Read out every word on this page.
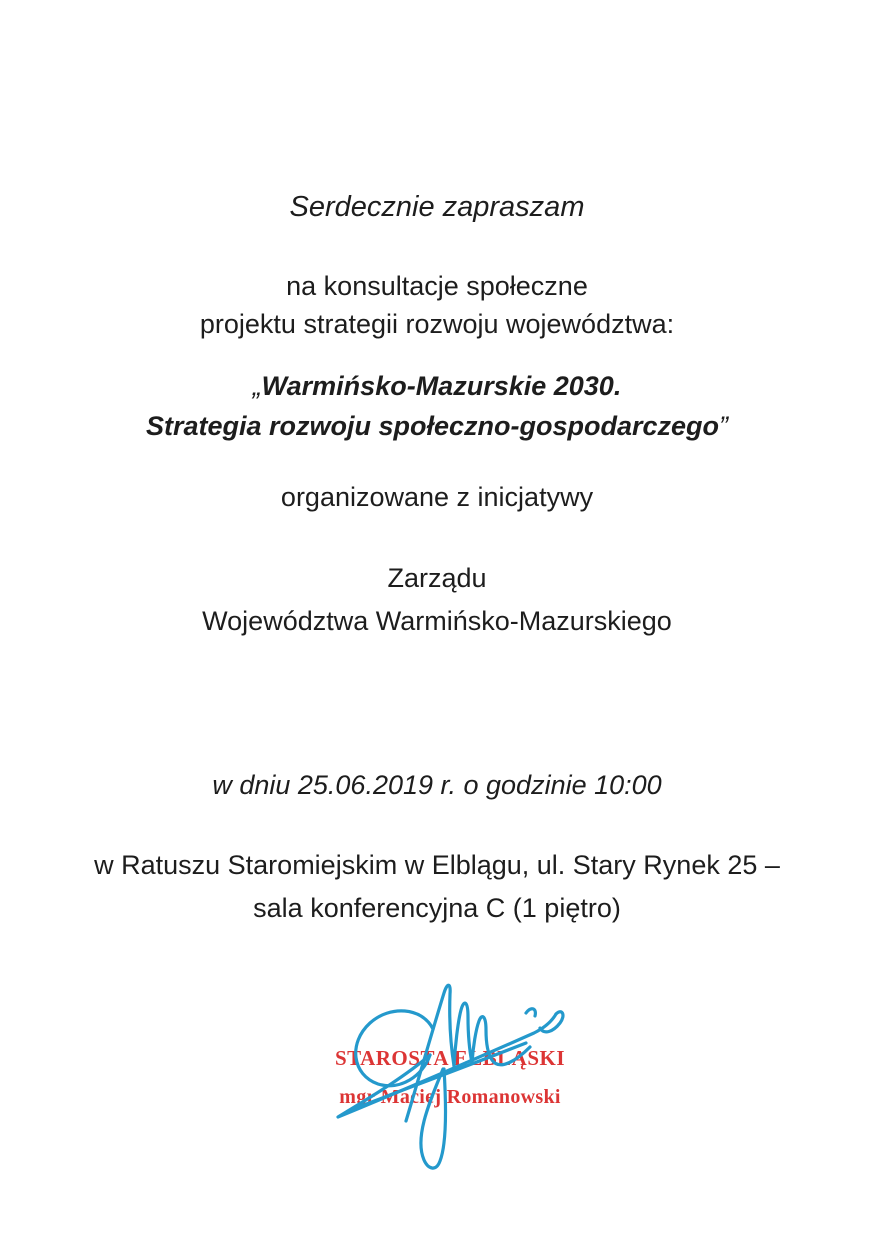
Serdecznie zapraszam
na konsultacje społeczne
projektu strategii rozwoju województwa:
„Warmińsko-Mazurskie 2030.
Strategia rozwoju społeczno-gospodarczego”
organizowane z inicjatywy
Zarządu
Województwa Warmińsko-Mazurskiego
w dniu 25.06.2019 r. o godzinie 10:00
w Ratuszu Staromiejskim w Elblągu, ul. Stary Rynek 25 –
sala konferencyjna C (1 piętro)
STAROSTA ELBLĄSKI
mgr Maciej Romanowski
